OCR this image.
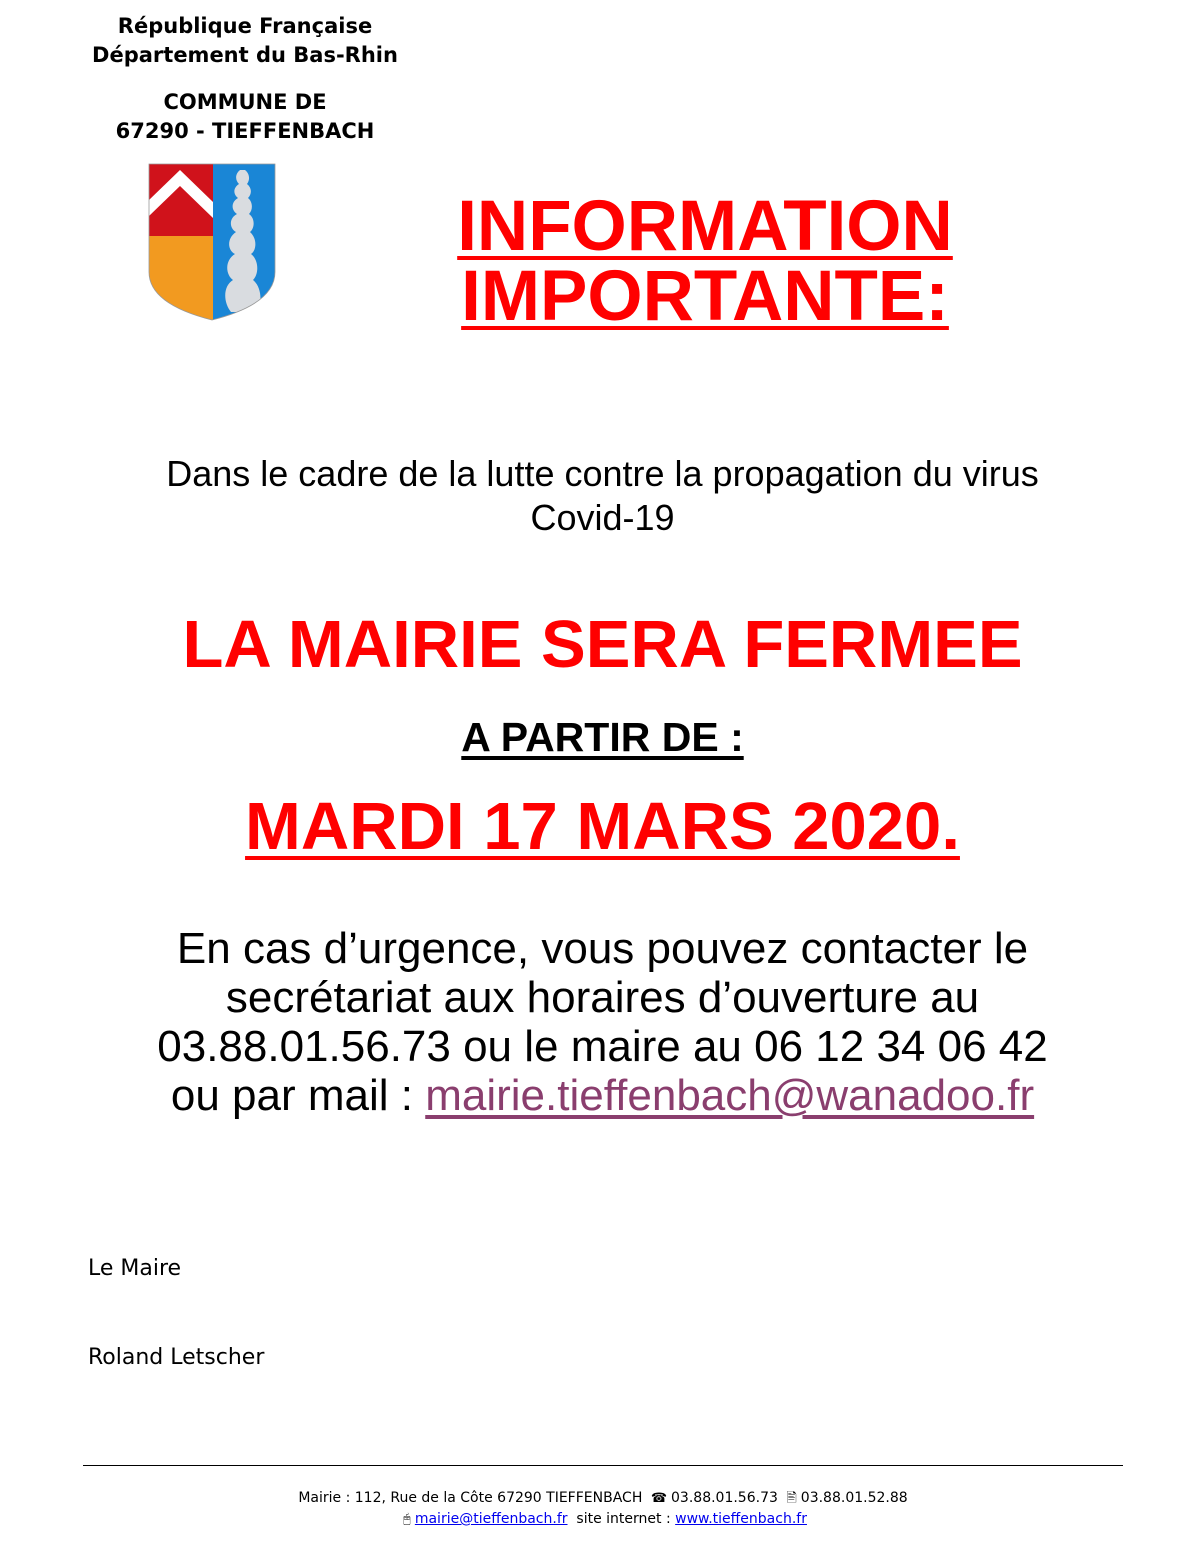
République Française
Département du Bas-Rhin
COMMUNE DE
67290 - TIEFFENBACH
INFORMATION
IMPORTANTE:
Dans le cadre de la lutte contre la propagation du virus
Covid-19
LA MAIRIE SERA FERMEE
A PARTIR DE :
MARDI 17 MARS 2020.
En cas d’urgence, vous pouvez contacter le
secrétariat aux horaires d’ouverture au
03.88.01.56.73 ou le maire au 06 12 34 06 42
ou par mail : mairie.tieffenbach@wanadoo.fr
Le Maire
Roland Letscher
Mairie : 112, Rue de la Côte 67290 TIEFFENBACH ☎ 03.88.01.56.73 🖹 03.88.01.52.88
🖰 mairie@tieffenbach.fr site internet : www.tieffenbach.fr
